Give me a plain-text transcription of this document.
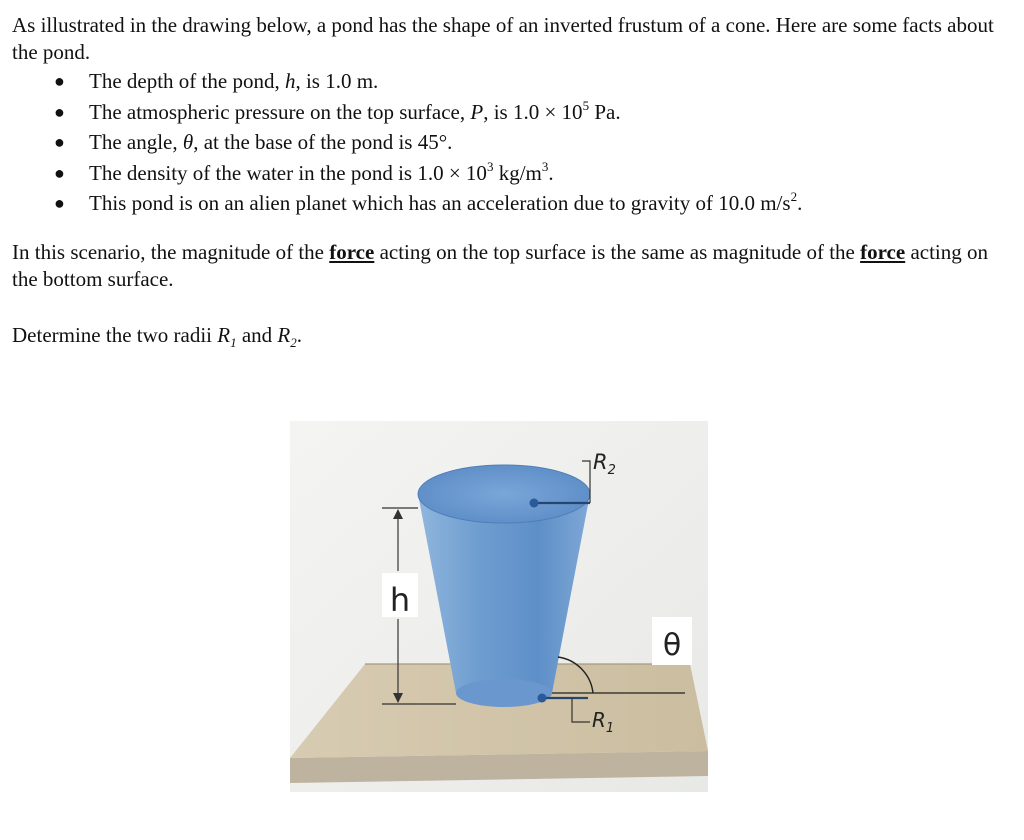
As illustrated in the drawing below, a pond has the shape of an inverted frustum of a cone. Here are some facts about the pond.

● The depth of the pond, h, is 1.0 m.
● The atmospheric pressure on the top surface, P, is $1.0 \times 10^5$ Pa.
● The angle, θ, at the base of the pond is 45°.
● The density of the water in the pond is $1.0 \times 10^3$ $kg/m^3$.
● This pond is on an alien planet which has an acceleration due to gravity of 10.0 $m/s^2$.

In this scenario, the magnitude of the force acting on the top surface is the same as magnitude of the force acting on the bottom surface.

Determine the two radii $R_1$ and $R_2$.

$R_2$
$R_1$
θ
h
